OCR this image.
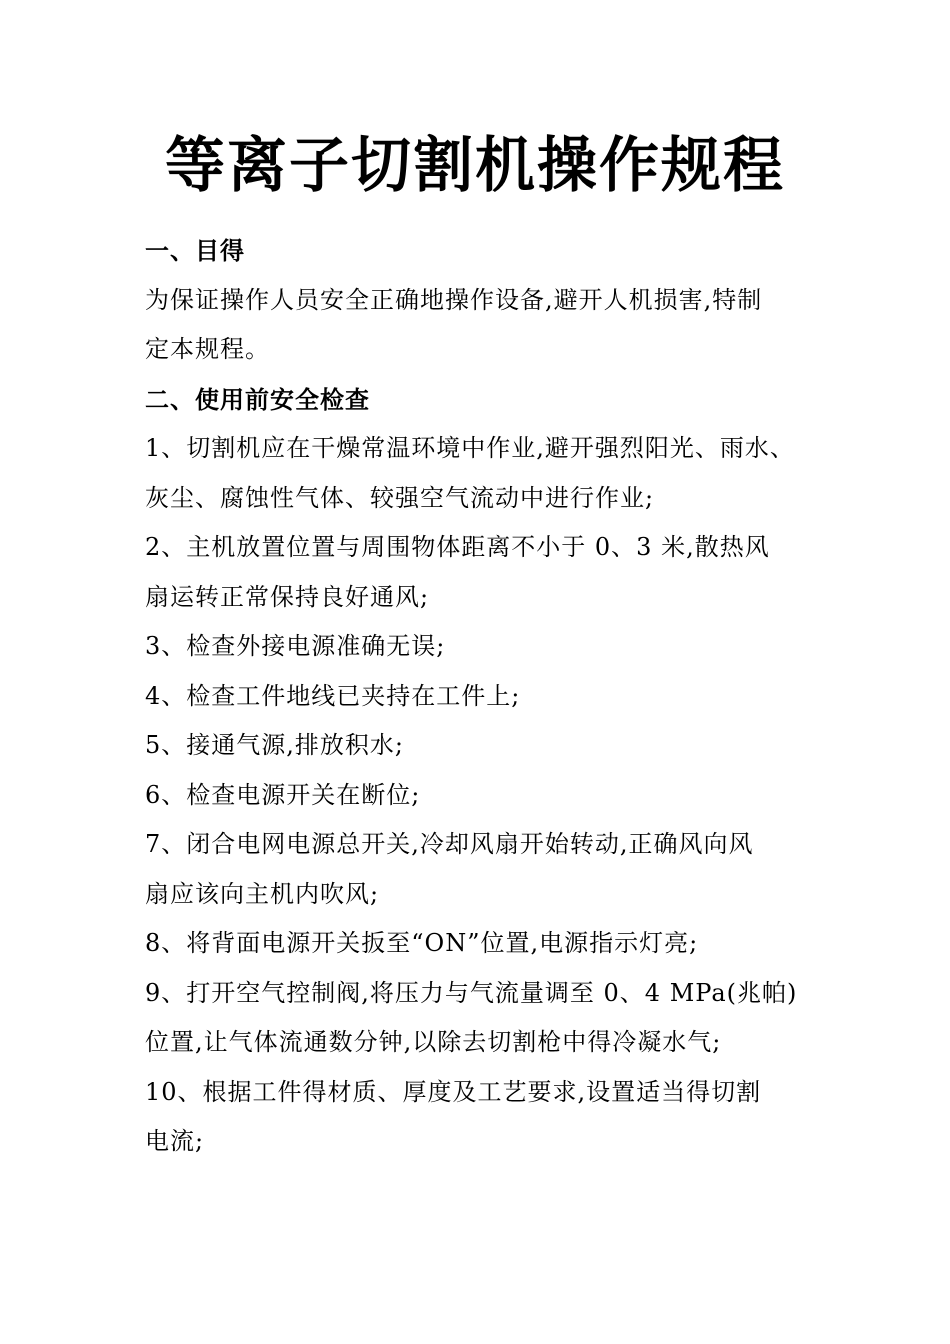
等离子切割机操作规程
一、目得
为保证操作人员安全正确地操作设备,避开人机损害,特制
定本规程。
二、使用前安全检查
1、切割机应在干燥常温环境中作业,避开强烈阳光、雨水、
灰尘、腐蚀性气体、较强空气流动中进行作业;
2、主机放置位置与周围物体距离不小于 0、3 米,散热风
扇运转正常保持良好通风;
3、检查外接电源准确无误;
4、检查工件地线已夹持在工件上;
5、接通气源,排放积水;
6、检查电源开关在断位;
7、闭合电网电源总开关,冷却风扇开始转动,正确风向风
扇应该向主机内吹风;
8、将背面电源开关扳至“ON”位置,电源指示灯亮;
9、打开空气控制阀,将压力与气流量调至 0、4 MPa(兆帕)
位置,让气体流通数分钟,以除去切割枪中得冷凝水气;
10、根据工件得材质、厚度及工艺要求,设置适当得切割
电流;
